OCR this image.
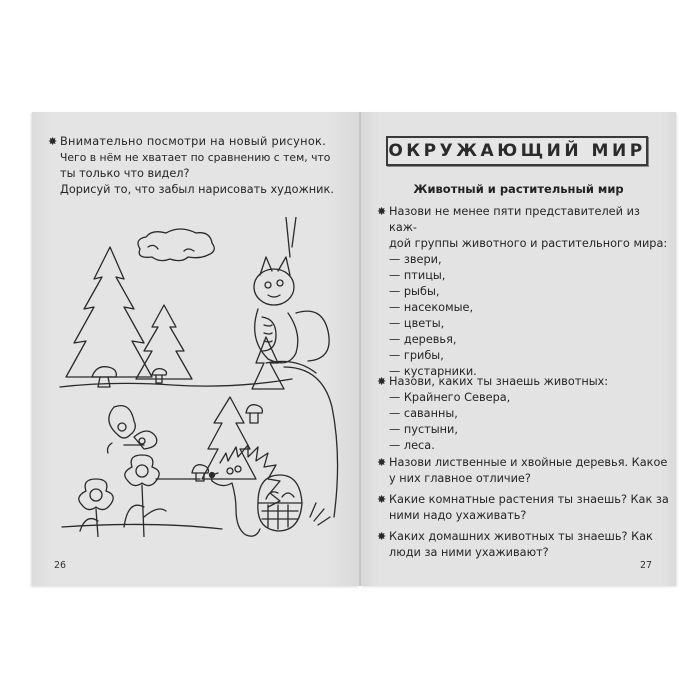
✸ Внимательно посмотри на новый рисунок.
Чего в нём не хватает по сравнению с тем, что
ты только что видел?
Дорисуй то, что забыл нарисовать художник.
26
ОКРУЖАЮЩИЙ МИР
Животный и растительный мир
✸ Назови не менее пяти представителей из каж-
дой группы животного и растительного мира:
— звери,
— птицы,
— рыбы,
— насекомые,
— цветы,
— деревья,
— грибы,
— кустарники.
✸ Назови, каких ты знаешь животных:
— Крайнего Севера,
— саванны,
— пустыни,
— леса.
✸ Назови лиственные и хвойные деревья. Какое
у них главное отличие?
✸ Какие комнатные растения ты знаешь? Как за
ними надо ухаживать?
✸ Каких домашних животных ты знаешь? Как
люди за ними ухаживают?
27
